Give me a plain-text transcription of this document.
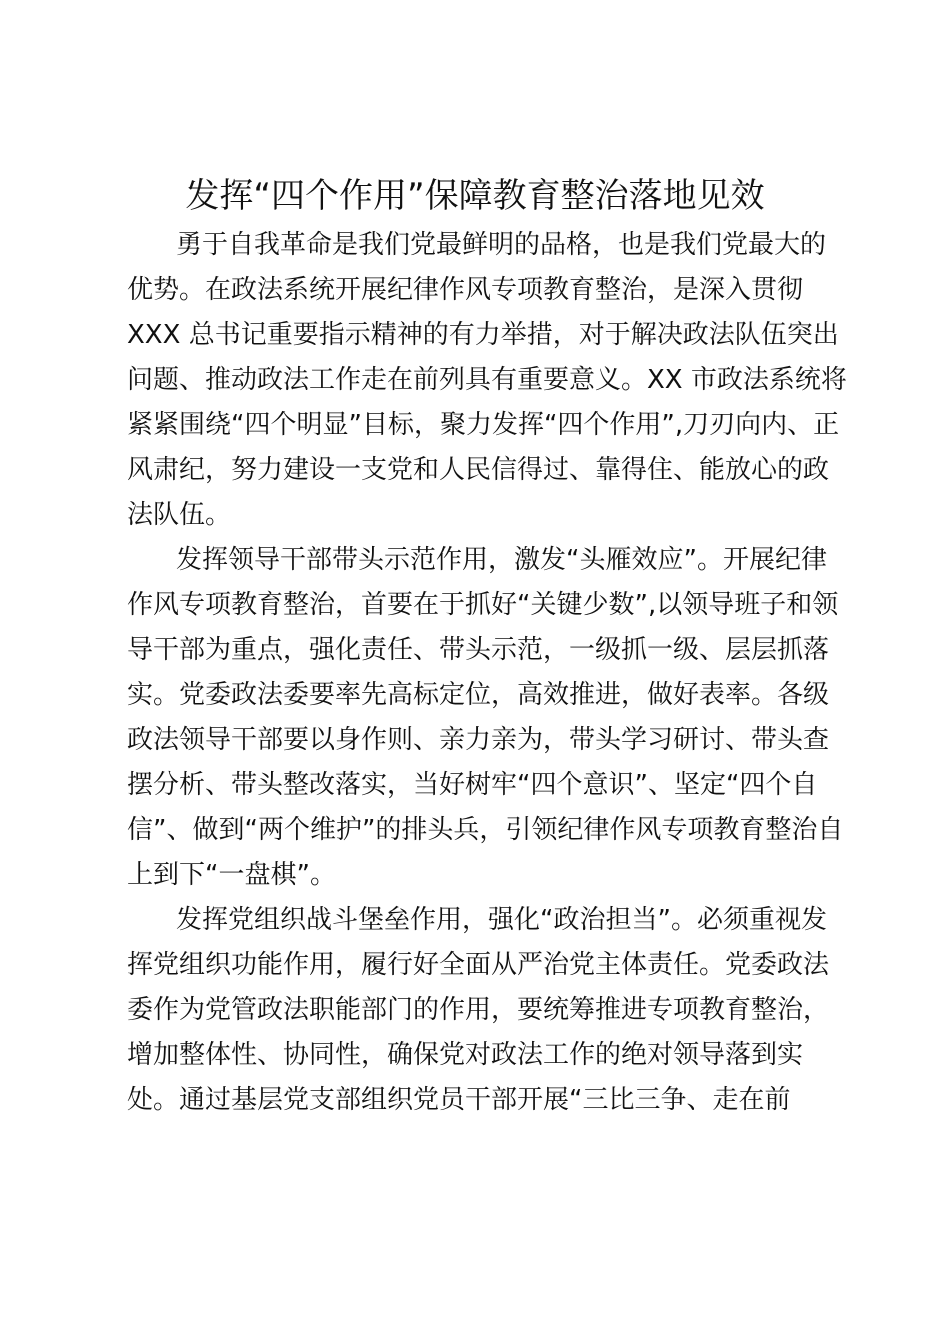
发挥“四个作用”保障教育整治落地见效

勇于自我革命是我们党最鲜明的品格，也是我们党最大的

优势。在政法系统开展纪律作风专项教育整治，是深入贯彻

XXX 总书记重要指示精神的有力举措，对于解决政法队伍突出

问题、推动政法工作走在前列具有重要意义。XX 市政法系统将

紧紧围绕“四个明显”目标，聚力发挥“四个作用”,刀刃向内、正

风肃纪，努力建设一支党和人民信得过、靠得住、能放心的政

法队伍。

发挥领导干部带头示范作用，激发“头雁效应”。开展纪律

作风专项教育整治，首要在于抓好“关键少数”,以领导班子和领

导干部为重点，强化责任、带头示范，一级抓一级、层层抓落

实。党委政法委要率先高标定位，高效推进，做好表率。各级

政法领导干部要以身作则、亲力亲为，带头学习研讨、带头查

摆分析、带头整改落实，当好树牢“四个意识”、坚定“四个自

信”、做到“两个维护”的排头兵，引领纪律作风专项教育整治自

上到下“一盘棋”。

发挥党组织战斗堡垒作用，强化“政治担当”。必须重视发

挥党组织功能作用，履行好全面从严治党主体责任。党委政法

委作为党管政法职能部门的作用，要统筹推进专项教育整治，

增加整体性、协同性，确保党对政法工作的绝对领导落到实

处。通过基层党支部组织党员干部开展“三比三争、走在前
